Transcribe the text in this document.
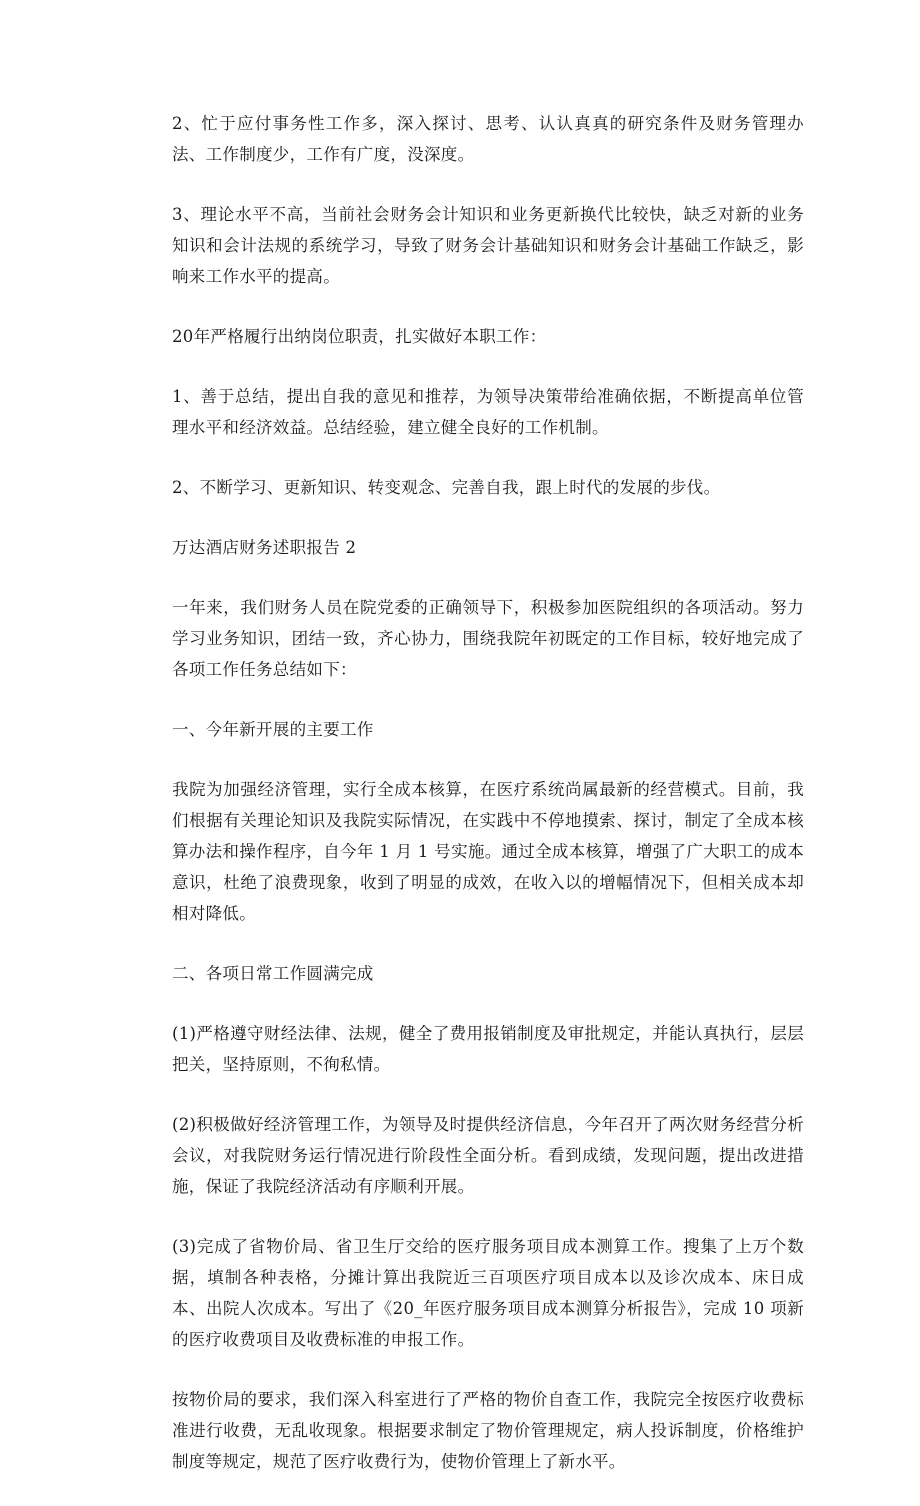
2、忙于应付事务性工作多，深入探讨、思考、认认真真的研究条件及财务管理办法、工作制度少，工作有广度，没深度。

3、理论水平不高，当前社会财务会计知识和业务更新换代比较快，缺乏对新的业务知识和会计法规的系统学习，导致了财务会计基础知识和财务会计基础工作缺乏，影响来工作水平的提高。

20年严格履行出纳岗位职责，扎实做好本职工作：

1、善于总结，提出自我的意见和推荐，为领导决策带给准确依据，不断提高单位管理水平和经济效益。总结经验，建立健全良好的工作机制。

2、不断学习、更新知识、转变观念、完善自我，跟上时代的发展的步伐。

万达酒店财务述职报告 2

一年来，我们财务人员在院党委的正确领导下，积极参加医院组织的各项活动。努力学习业务知识，团结一致，齐心协力，围绕我院年初既定的工作目标，较好地完成了各项工作任务总结如下：

一、今年新开展的主要工作

我院为加强经济管理，实行全成本核算，在医疗系统尚属最新的经营模式。目前，我们根据有关理论知识及我院实际情况，在实践中不停地摸索、探讨，制定了全成本核算办法和操作程序，自今年 1 月 1 号实施。通过全成本核算，增强了广大职工的成本意识，杜绝了浪费现象，收到了明显的成效，在收入以的增幅情况下，但相关成本却相对降低。

二、各项日常工作圆满完成

(1)严格遵守财经法律、法规，健全了费用报销制度及审批规定，并能认真执行，层层把关，坚持原则，不徇私情。

(2)积极做好经济管理工作，为领导及时提供经济信息，今年召开了两次财务经营分析会议，对我院财务运行情况进行阶段性全面分析。看到成绩，发现问题，提出改进措施，保证了我院经济活动有序顺利开展。

(3)完成了省物价局、省卫生厅交给的医疗服务项目成本测算工作。搜集了上万个数据，填制各种表格，分摊计算出我院近三百项医疗项目成本以及诊次成本、床日成本、出院人次成本。写出了《20_年医疗服务项目成本测算分析报告》，完成 10 项新的医疗收费项目及收费标准的申报工作。

按物价局的要求，我们深入科室进行了严格的物价自查工作，我院完全按医疗收费标准进行收费，无乱收现象。根据要求制定了物价管理规定，病人投诉制度，价格维护制度等规定，规范了医疗收费行为，使物价管理上了新水平。
